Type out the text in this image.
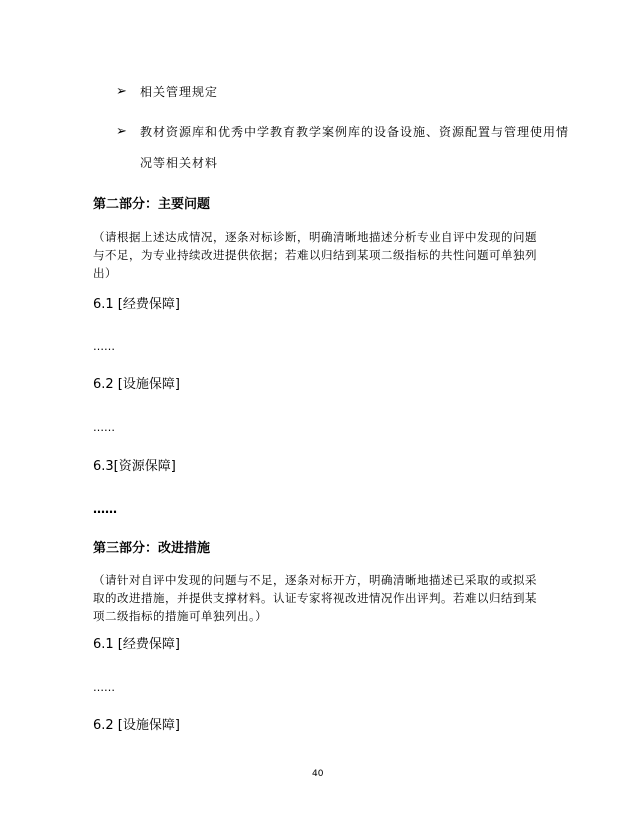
➢ 相关管理规定
➢ 教材资源库和优秀中学教育教学案例库的设备设施、资源配置与管理使用情
况等相关材料
第二部分：主要问题
（请根据上述达成情况，逐条对标诊断，明确清晰地描述分析专业自评中发现的问题与不足，为专业持续改进提供依据；若难以归结到某项二级指标的共性问题可单独列出）
6.1 [经费保障]
……
6.2 [设施保障]
……
6.3[资源保障]
……
第三部分：改进措施
（请针对自评中发现的问题与不足，逐条对标开方，明确清晰地描述已采取的或拟采取的改进措施，并提供支撑材料。认证专家将视改进情况作出评判。若难以归结到某项二级指标的措施可单独列出。）
6.1 [经费保障]
……
6.2 [设施保障]
40
